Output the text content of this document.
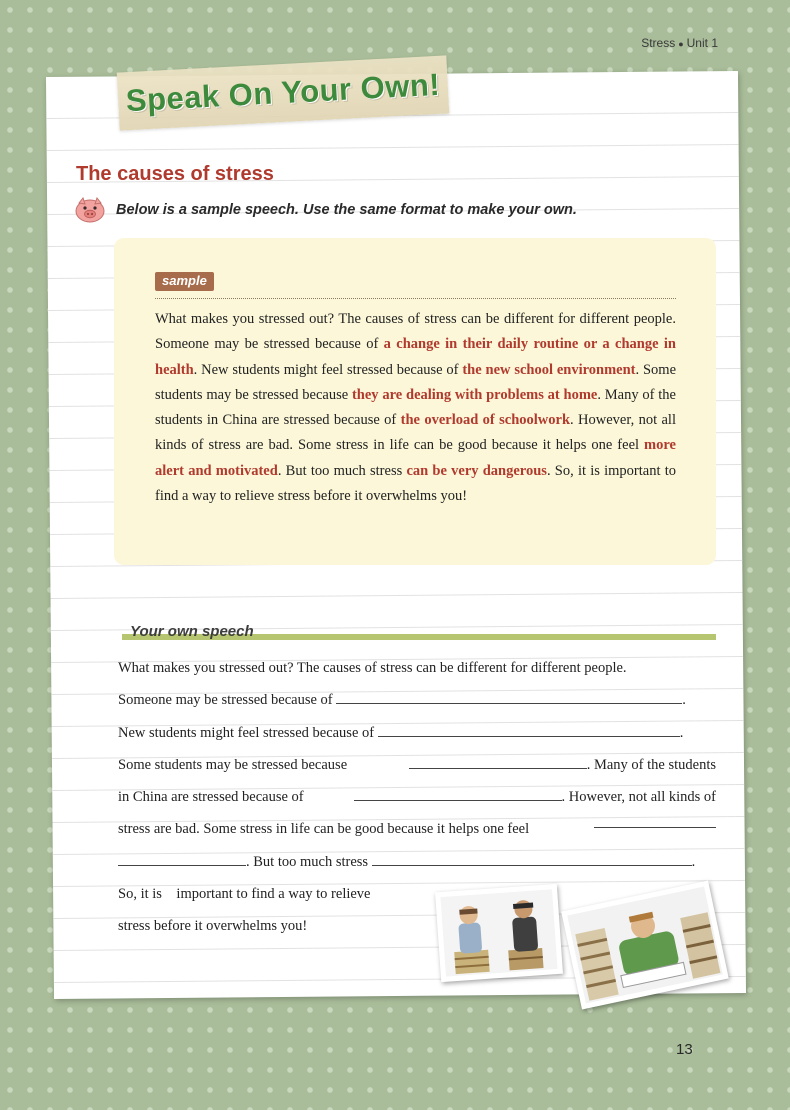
Stress ● Unit 1
Speak On Your Own!
The causes of stress
Below is a sample speech. Use the same format to make your own.
sample
What makes you stressed out? The causes of stress can be different for different people. Someone may be stressed because of a change in their daily routine or a change in health. New students might feel stressed because of the new school environment. Some students may be stressed because they are dealing with problems at home. Many of the students in China are stressed because of the overload of schoolwork. However, not all kinds of stress are bad. Some stress in life can be good because it helps one feel more alert and motivated. But too much stress can be very dangerous. So, it is important to find a way to relieve stress before it overwhelms you!
Your own speech
What makes you stressed out? The causes of stress can be different for different people.
Someone may be stressed because of	.
New students might feel stressed because of	.
Some students may be stressed because	. Many of the students
in China are stressed because of	. However, not all kinds of
stress are bad. Some stress in life can be good because it helps one feel
. But too much stress	.
So, it is    important to find a way to relieve
stress before it overwhelms you!
13
